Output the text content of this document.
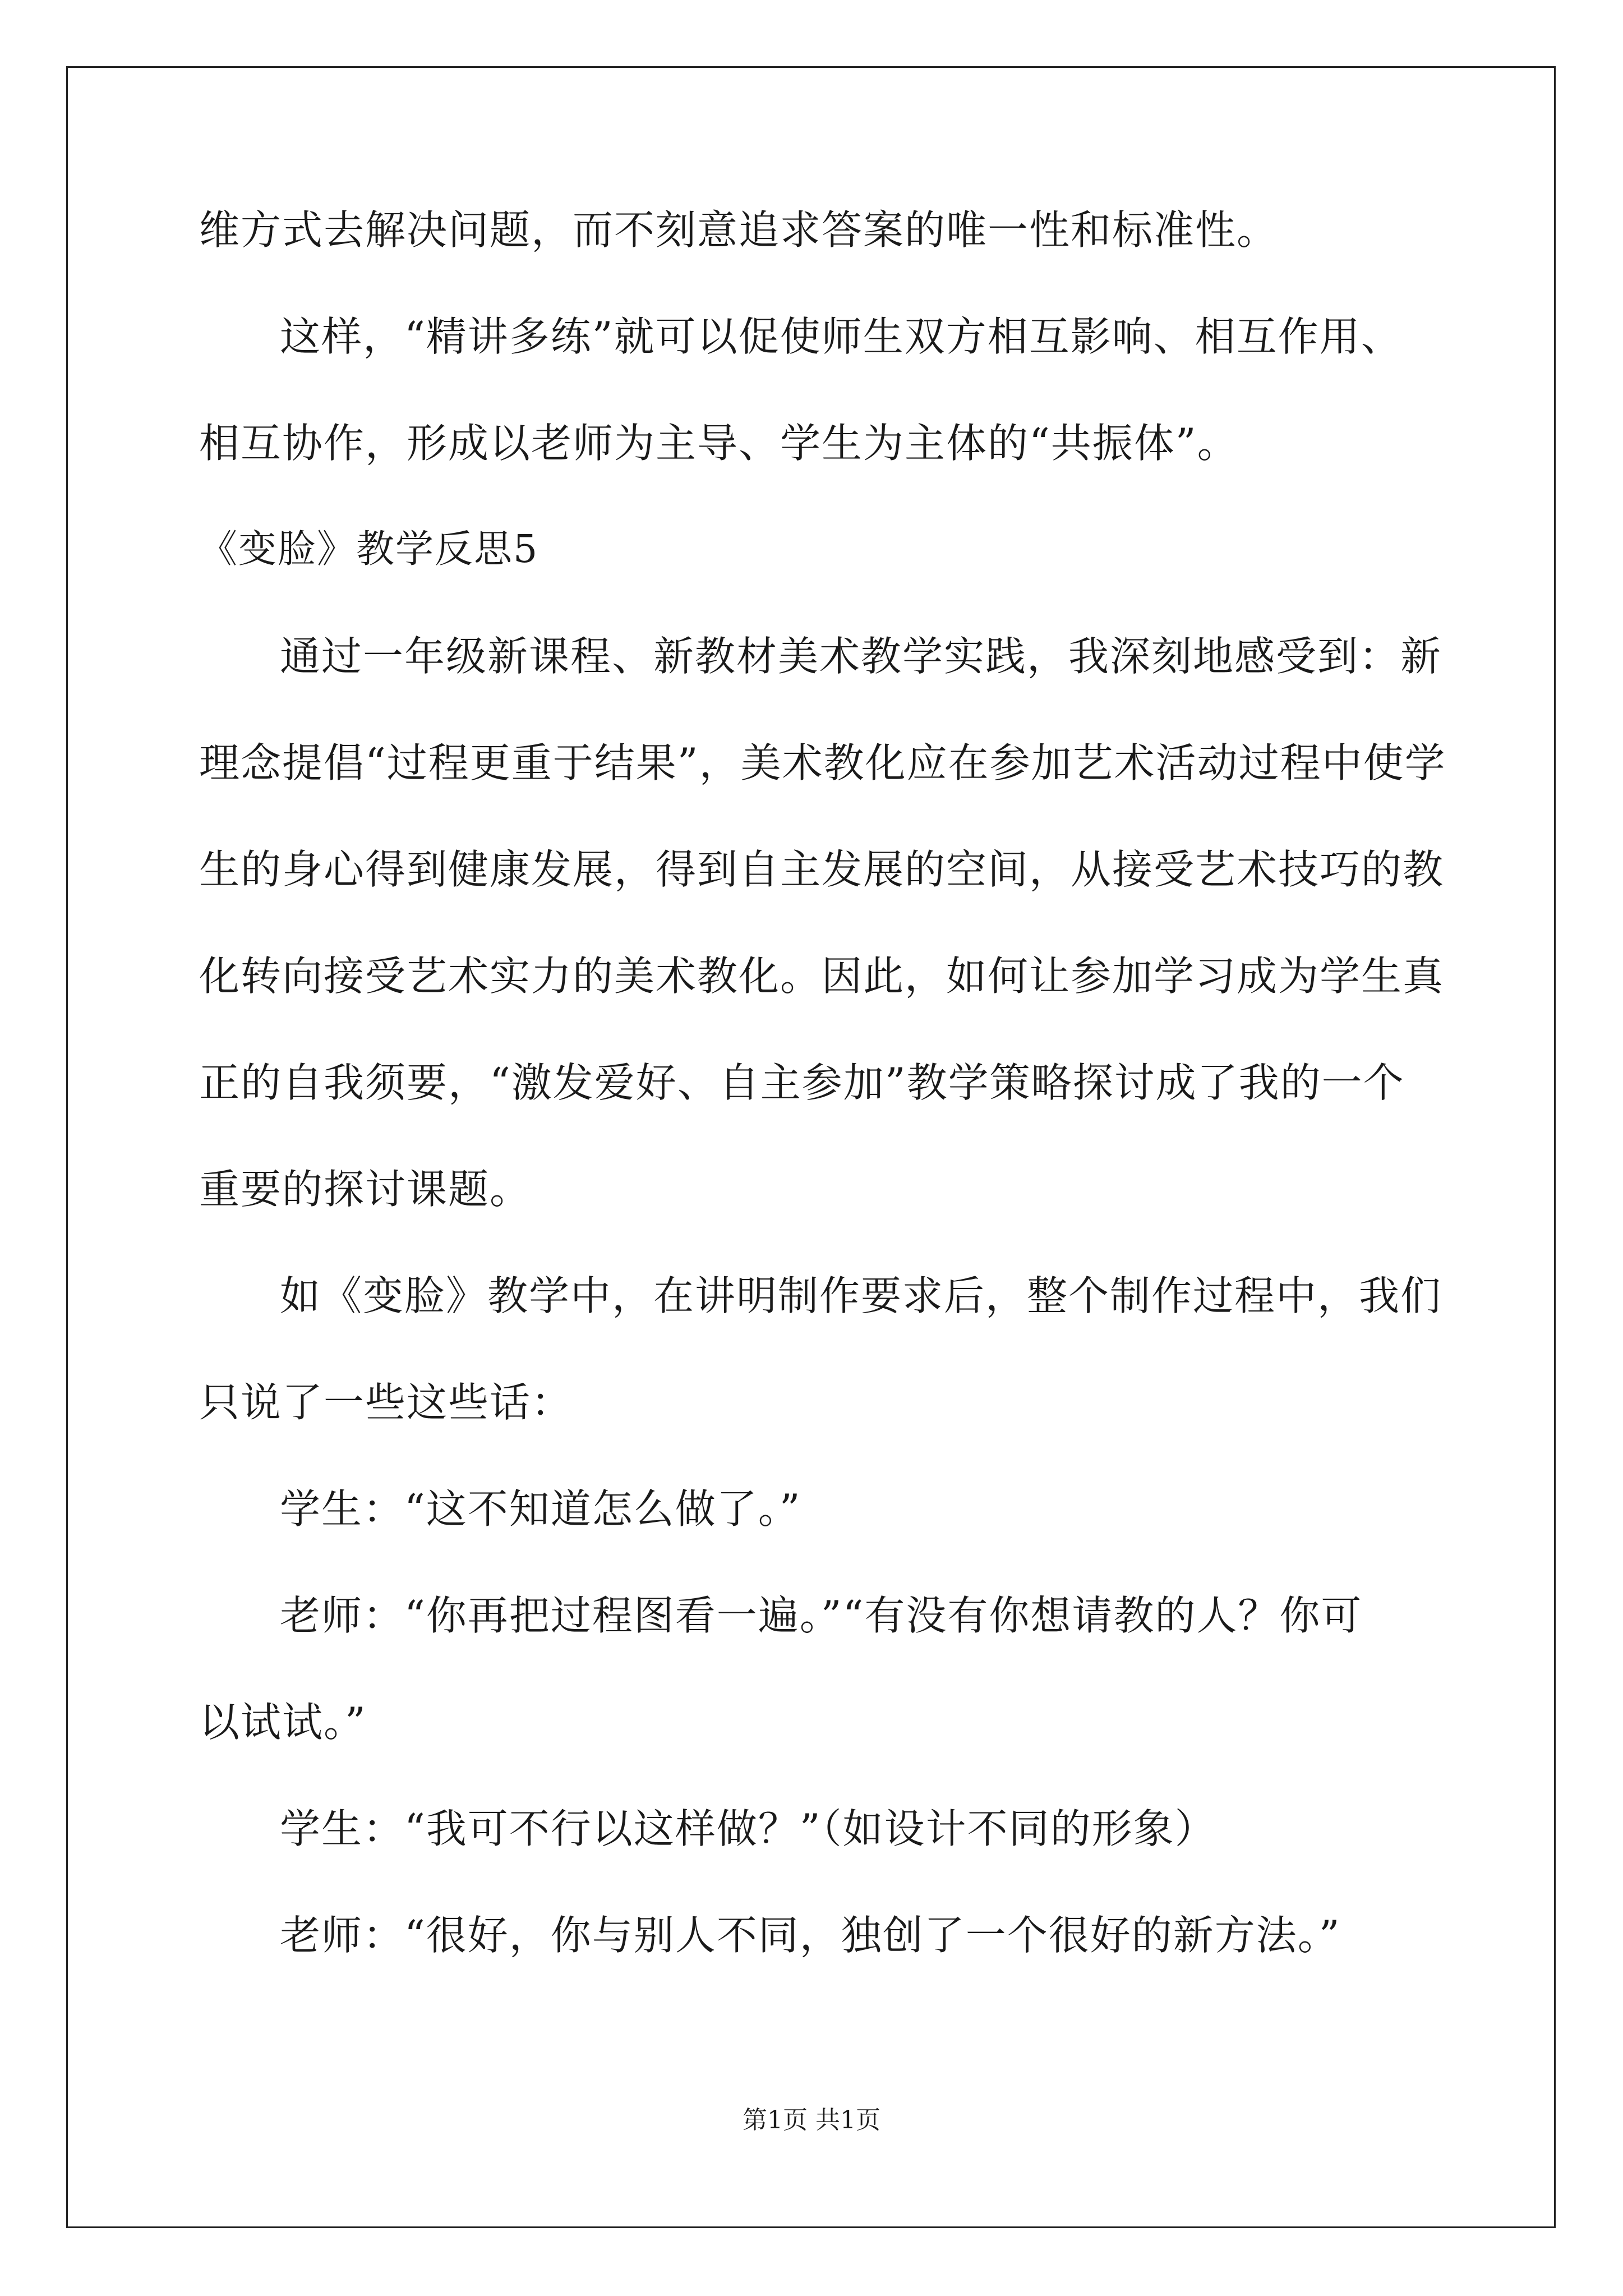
维方式去解决问题，而不刻意追求答案的唯一性和标准性。
这样，“精讲多练”就可以促使师生双方相互影响、相互作用、
相互协作，形成以老师为主导、学生为主体的“共振体”。
《变脸》教学反思5
通过一年级新课程、新教材美术教学实践，我深刻地感受到：新
理念提倡“过程更重于结果”，美术教化应在参加艺术活动过程中使学
生的身心得到健康发展，得到自主发展的空间，从接受艺术技巧的教
化转向接受艺术实力的美术教化。因此，如何让参加学习成为学生真
正的自我须要，“激发爱好、自主参加”教学策略探讨成了我的一个
重要的探讨课题。
如《变脸》教学中，在讲明制作要求后，整个制作过程中，我们
只说了一些这些话：
学生：“这不知道怎么做了。”
老师：“你再把过程图看一遍。”“有没有你想请教的人？你可
以试试。”
学生：“我可不行以这样做？”（如设计不同的形象）
老师：“很好，你与别人不同，独创了一个很好的新方法。”
第1页 共1页
